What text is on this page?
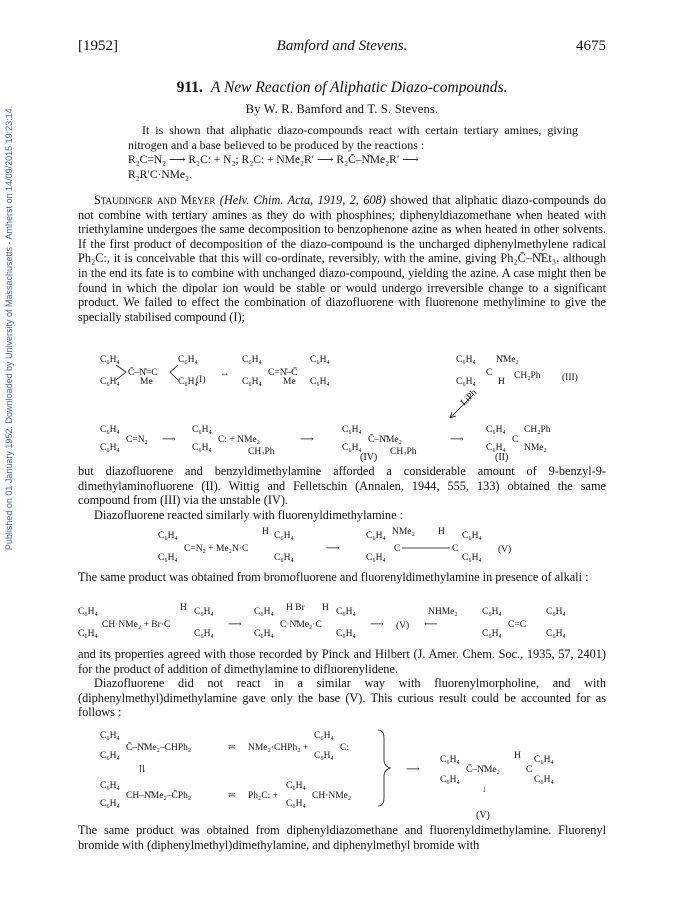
Published on 01 January 1952. Downloaded by University of Massachusetts - Amherst on 14/09/2015 19:23:14.
[1952]	Bamford and Stevens.	4675
911. A New Reaction of Aliphatic Diazo-compounds.
By W. R. Bamford and T. S. Stevens.

It is shown that aliphatic diazo-compounds react with certain tertiary amines, giving nitrogen and a base believed to be produced by the reactions :

R₂C=N₂ ⟶ R₂C: + N₂; R₂C: + NMe₂R′ ⟶ R₂C̄–N̊Me₂R′ ⟶
R₂R′C·NMe₂.

Staudinger and Meyer (Helv. Chim. Acta, 1919, 2, 608) showed that aliphatic diazo-compounds do not combine with tertiary amines as they do with phosphines; diphenyldiazomethane when heated with triethylamine undergoes the same decomposition to benzophenone azine as when heated in other solvents. If the first product of decomposition of the diazo-compound is the uncharged diphenylmethylene radical Ph₂C:, it is conceivable that this will co-ordinate, reversibly, with the amine, giving Ph₂C̄–N̊Et₃, although in the end its fate is to combine with unchanged diazo-compound, yielding the azine. A case might then be found in which the dipolar ion would be stable or would undergo irreversible change to a significant product. We failed to effect the combination of diazofluorene with fluorenone methylimine to give the specially stabilised compound (I);

C₆H₄
C₆H₄
C̄–N̊=C
C₆H₄
C₆H₄
Me
↔
C₆H₄
C₆H₄
C=N̊–C̄
Me
C₆H₄
C₆H₄
(I)
C₆H₄
C₆H₄
C
N̊Me₂
H
CH₂Ph (III)
LiPh
C₆H₄
C₆H₄
C=N₂ ⟶
C₆H₄
C₆H₄
C: + NMe₂
CH₂Ph
⟶
C₆H₄
C₆H₄
C̄–N̊Me₂
CH₂Ph
⟶
C₆H₄
C₆H₄
C
CH₂Ph
NMe₂
(IV)	(II)

but diazofluorene and benzyldimethylamine afforded a considerable amount of 9-benzyl-9-dimethylaminofluorene (II). Wittig and Felletschin (Annalen, 1944, 555, 133) obtained the same compound from (III) via the unstable (IV).

Diazofluorene reacted similarly with fluorenyldimethylamine :

C₆H₄
C₆H₄
C=N₂ + Me₂N·C
H C₆H₄
C₆H₄
⟶
C₆H₄
C₆H₄
NMe₂
C
H
C
C₆H₄
C₆H₄
(V)

The same product was obtained from bromofluorene and fluorenyldimethylamine in presence of alkali :

C₆H₄
C₆H₄
CH·NMe₂ + Br·C
H C₆H₄
C₆H₄
⟶
C₆H₄
C₆H₄
C·N̊Me₂·C
H Br H C₆H₄
C₆H₄
⟶ (V) ⟵
NHMe₂	C₆H₄
C₆H₄
C=C
C₆H₄
C₆H₄

and its properties agreed with those recorded by Pinck and Hilbert (J. Amer. Chem. Soc., 1935, 57, 2401) for the product of addition of dimethylamine to difluorenylidene.

Diazofluorene did not react in a similar way with fluorenylmorpholine, and with (diphenylmethyl)dimethylamine gave only the base (V). This curious result could be accounted for as follows :

C₆H₄
C₆H₄
C̄–N̊Me₂–CHPh₂	⇌ NMe₂·CHPh₂ +
C₆H₄
C₆H₄
C:
⇅
C₆H₄
C₆H₄
CH–N̊Me₂–C̄Ph₂	⇌ Ph₂C: +
C₆H₄
C₆H₄
CH·NMe₂
⟶
C₆H₄
C₆H₄
C̄–N̊Me₂
H
C
C₆H₄
C₆H₄
↓
(V)

The same product was obtained from diphenyldiazomethane and fluorenyldimethylamine. Fluorenyl bromide with (diphenylmethyl)dimethylamine, and diphenylmethyl bromide with
